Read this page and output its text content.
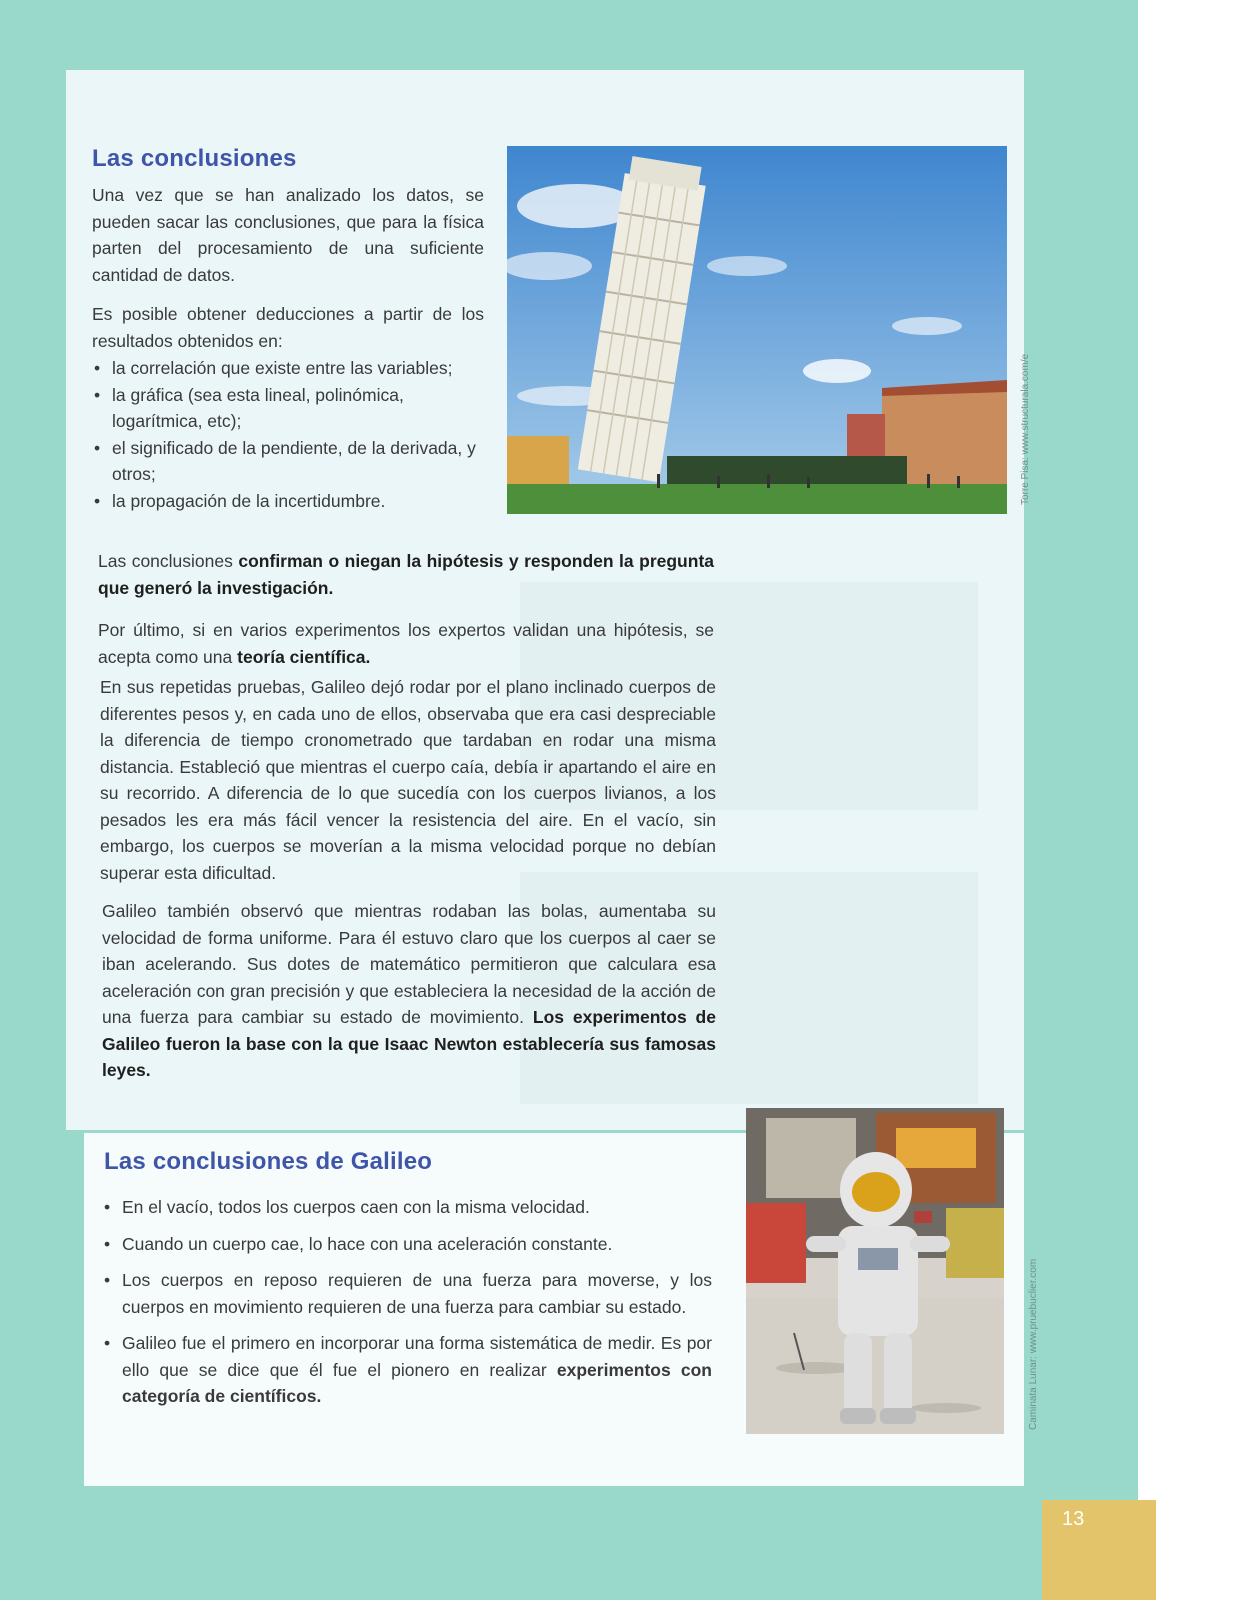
Las conclusiones

Una vez que se han analizado los datos, se pueden sacar las conclusiones, que para la física parten del procesamiento de una suficiente cantidad de datos.

Es posible obtener deducciones a partir de los resultados obtenidos en:

• la correlación que existe entre las variables;
• la gráfica (sea esta lineal, polinómica, logarítmica, etc);
• el significado de la pendiente, de la derivada, y otros;
• la propagación de la incertidumbre.	Torre Pisa: www.structurala.com/e

Las conclusiones confirman o niegan la hipótesis y responden la pregunta que generó la investigación.

Por último, si en varios experimentos los expertos validan una hipótesis, se acepta como una teoría científica.

En sus repetidas pruebas, Galileo dejó rodar por el plano inclinado cuerpos de diferentes pesos y, en cada uno de ellos, observaba que era casi despreciable la diferencia de tiempo cronometrado que tardaban en rodar una misma distancia. Estableció que mientras el cuerpo caía, debía ir apartando el aire en su recorrido. A diferencia de lo que sucedía con los cuerpos livianos, a los pesados les era más fácil vencer la resistencia del aire. En el vacío, sin embargo, los cuerpos se moverían a la misma velocidad porque no debían superar esta dificultad.

Galileo también observó que mientras rodaban las bolas, aumentaba su velocidad de forma uniforme. Para él estuvo claro que los cuerpos al caer se iban acelerando. Sus dotes de matemático permitieron que calculara esa aceleración con gran precisión y que estableciera la necesidad de la acción de una fuerza para cambiar su estado de movimiento. Los experimentos de Galileo fueron la base con la que Isaac Newton establecería sus famosas leyes.

Las conclusiones de Galileo
• En el vacío, todos los cuerpos caen con la misma velocidad.
• Cuando un cuerpo cae, lo hace con una aceleración constante.
• Los cuerpos en reposo requieren de una fuerza para moverse, y los cuerpos en movimiento requieren de una fuerza para cambiar su estado.
• Galileo fue el primero en incorporar una forma sistemática de medir. Es por ello que se dice que él fue el pionero en realizar experimentos con categoría de científicos.	Caminata Lunar: www.pruebuclier.com
13
